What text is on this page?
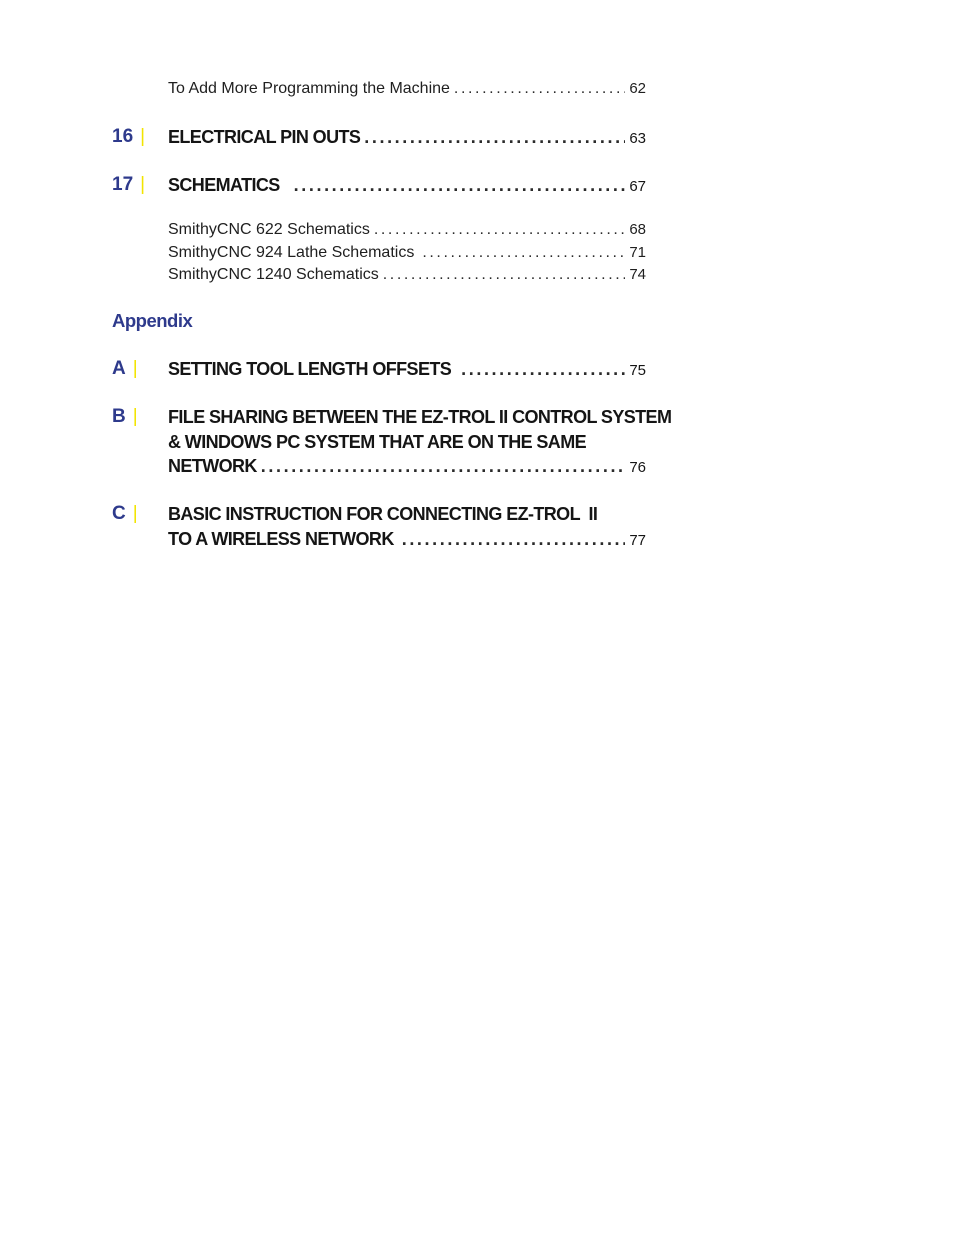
To Add More Programming the Machine .....	62
16 | ELECTRICAL PIN OUTS .....	63
17 | SCHEMATICS .....	67
SmithyCNC 622 Schematics .....	68
SmithyCNC 924 Lathe Schematics .....	71
SmithyCNC 1240 Schematics .....	74
Appendix
A | SETTING TOOL LENGTH OFFSETS .....	75
B | FILE SHARING BETWEEN THE EZ-TROL II CONTROL SYSTEM
& WINDOWS PC SYSTEM THAT ARE ON THE SAME
NETWORK .....	76
C | BASIC INSTRUCTION FOR CONNECTING EZ-TROL  II
TO A WIRELESS NETWORK .....	77
